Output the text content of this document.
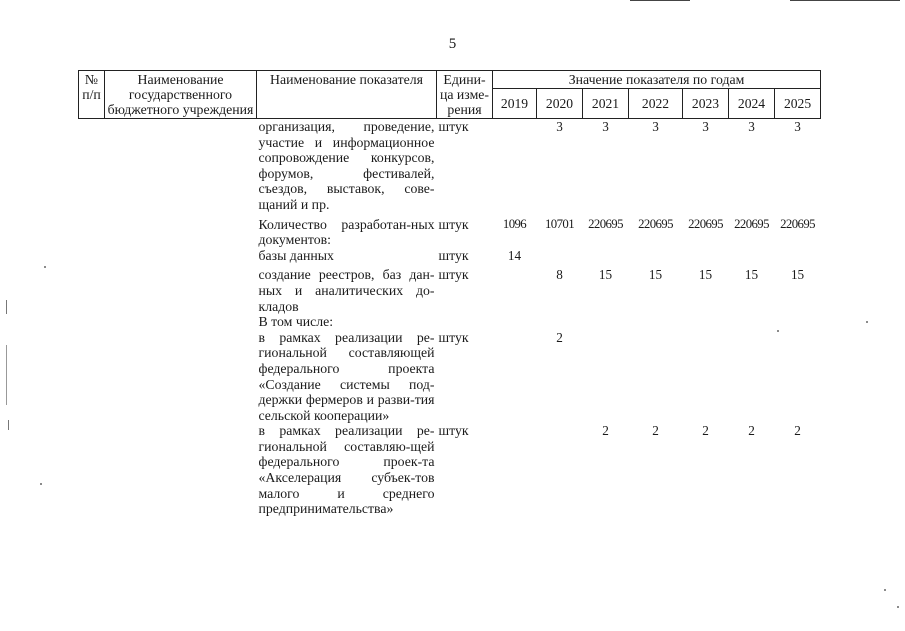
5
№ п/п	Наименование государственного бюджетного учреждения	Наименование показателя	Едини-ца изме-рения	Значение показателя по годам						
				2019	2020	2021	2022	2023	2024	2025
		организация, проведение, участие и информационное сопровождение конкурсов, форумов, фестивалей, съездов, выставок, сове-щаний и пр.	штук		3	3	3	3	3	3
		Количество разработан-ных документов:	штук	1096	10701	220695	220695	220695	220695	220695
		базы данных	штук	14						
		создание реестров, баз дан-ных и аналитических до-кладов	штук		8	15	15	15	15	15
		В том числе:								
		в рамках реализации ре-гиональной составляющей федерального проекта «Создание системы под-держки фермеров и разви-тия сельской кооперации»	штук		2					
		в рамках реализации ре-гиональной составляю-щей федерального проек-та «Акселерация субъек-тов малого и среднего предпринимательства»	штук			2	2	2	2	2
